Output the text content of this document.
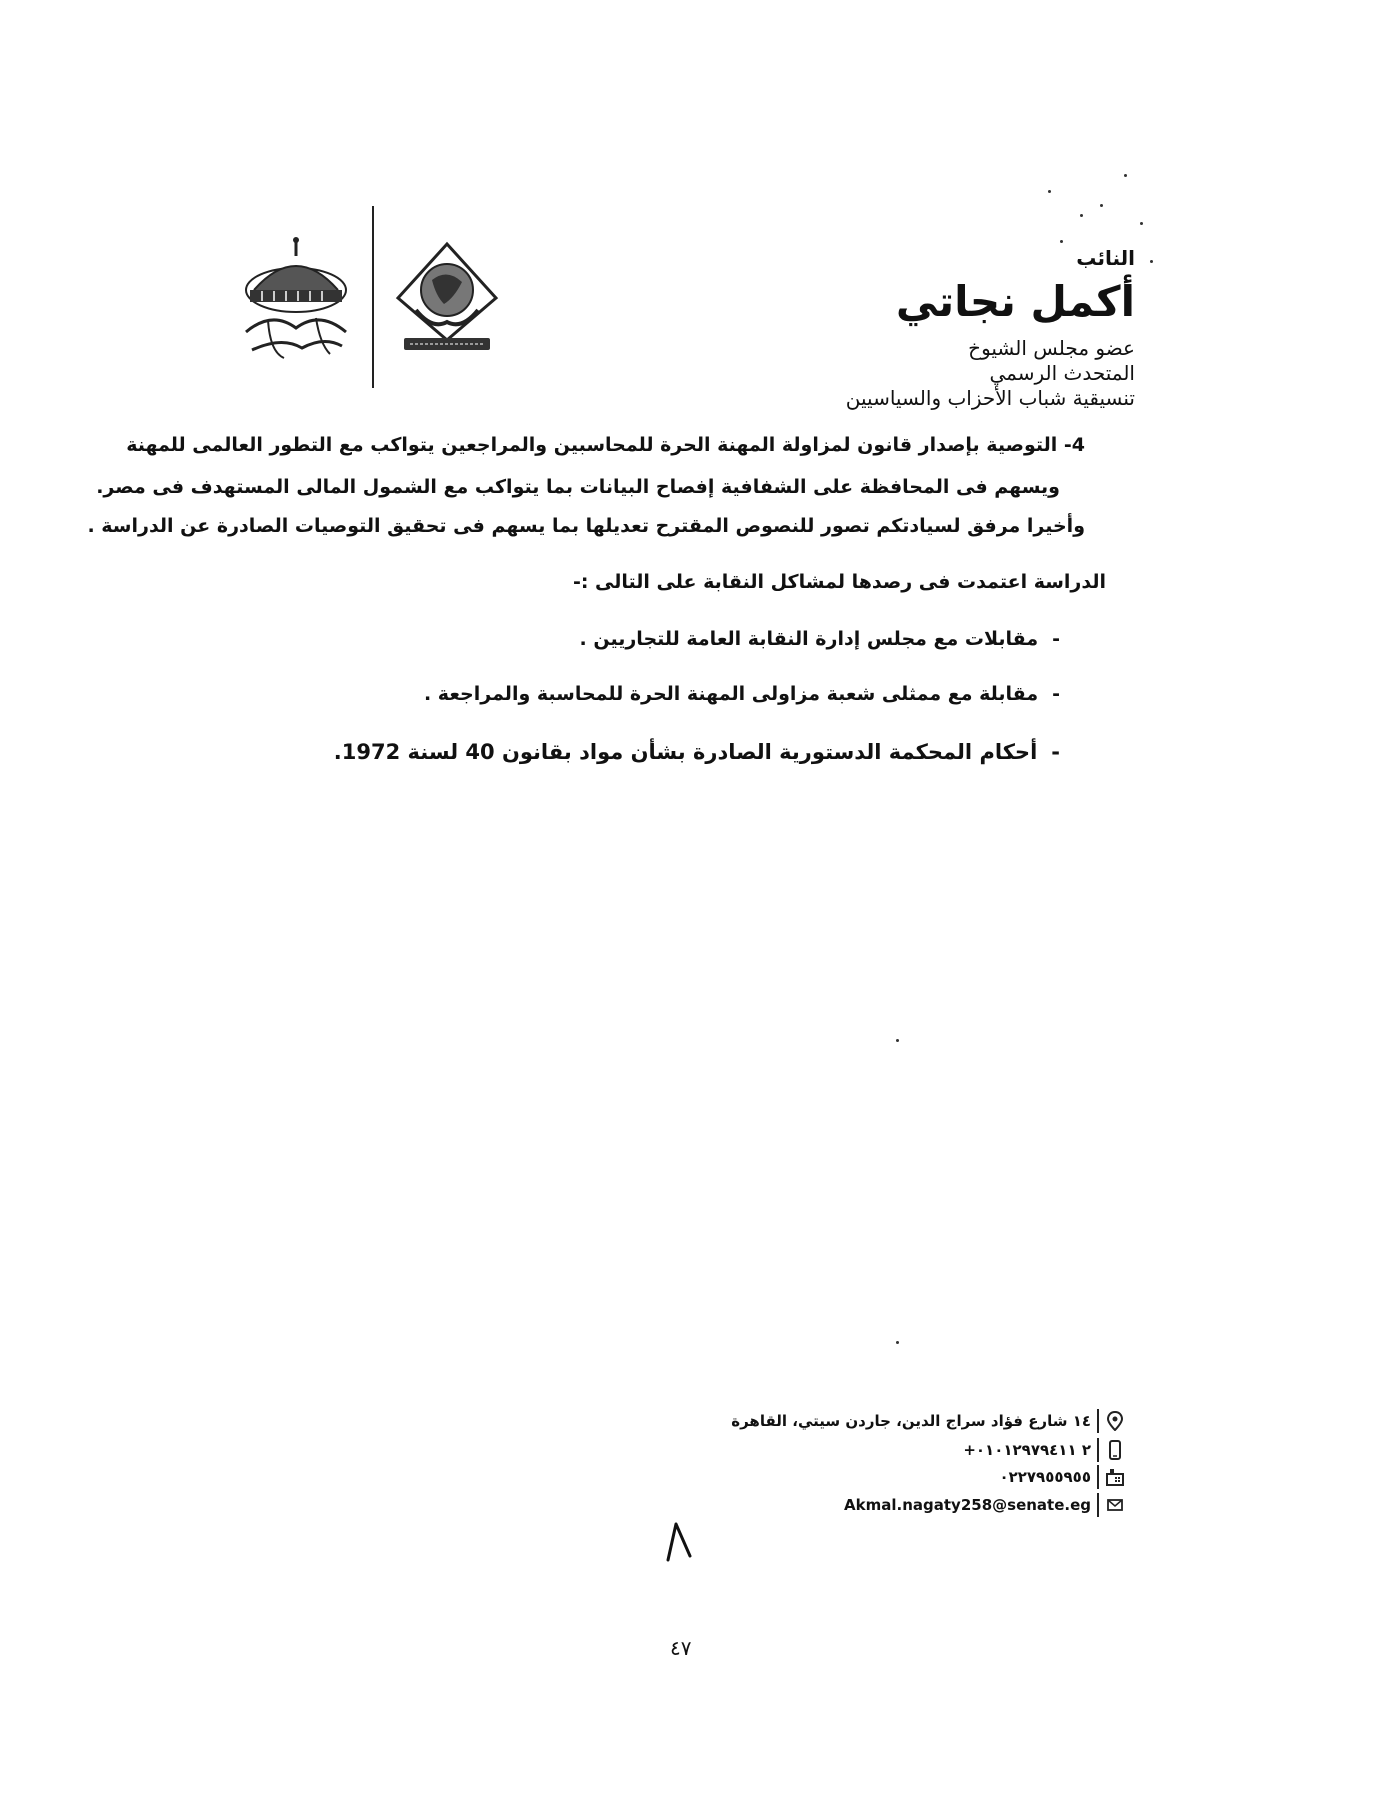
النائب
أكمل نجاتي
عضو مجلس الشيوخ
المتحدث الرسمي
تنسيقية شباب الأحزاب والسياسيين
4- التوصية بإصدار قانون لمزاولة المهنة الحرة للمحاسبين والمراجعين يتواكب مع التطور العالمى للمهنة
ويسهم فى المحافظة على الشفافية إفصاح البيانات بما يتواكب مع الشمول المالى المستهدف فى مصر.
وأخيرا مرفق لسيادتكم تصور للنصوص المقترح تعديلها بما يسهم فى تحقيق التوصيات الصادرة عن الدراسة .
الدراسة اعتمدت فى رصدها لمشاكل النقابة على التالى :-
-مقابلات مع مجلس إدارة النقابة العامة للتجاريين .
-مقابلة مع ممثلى شعبة مزاولى المهنة الحرة للمحاسبة والمراجعة .
-أحكام المحكمة الدستورية الصادرة بشأن مواد بقانون 40 لسنة 1972.
١٤ شارع فؤاد سراج الدين، جاردن سيتي، القاهرة
+٢ ٠١٠١٢٩٧٩٤١١
٠٢٢٧٩٥٥٩٥٥
Akmal.nagaty258@senate.eg
٤٧
